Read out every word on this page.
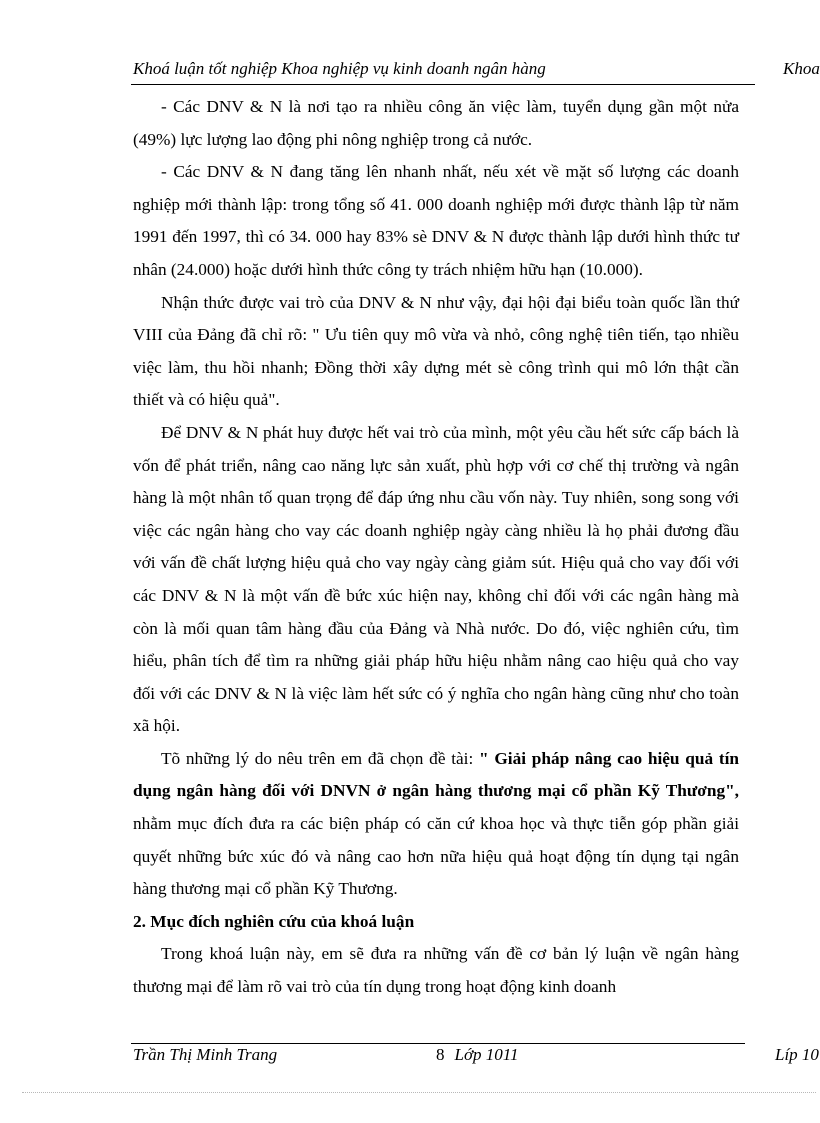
Khoá luận tốt nghiệp Khoa nghiệp vụ kinh doanh ngân hàng	Khoa

- Các DNV & N là nơi tạo ra nhiều công ăn việc làm, tuyển dụng gần một nửa (49%) lực lượng lao động phi nông nghiệp trong cả nước.

- Các DNV & N đang tăng lên nhanh nhất, nếu xét về mặt số lượng các doanh nghiệp mới thành lập: trong tổng số 41. 000 doanh nghiệp mới được thành lập từ năm 1991 đến 1997, thì có 34. 000 hay 83% sè DNV & N được thành lập dưới hình thức tư nhân (24.000) hoặc dưới hình thức công ty trách nhiệm hữu hạn (10.000).

Nhận thức được vai trò của DNV & N như vậy, đại hội đại biểu toàn quốc lần thứ VIII của Đảng đã chỉ rõ: " Ưu tiên quy mô vừa và nhỏ, công nghệ tiên tiến, tạo nhiều việc làm, thu hồi nhanh; Đồng thời xây dựng mét sè công trình qui mô lớn thật cần thiết và có hiệu quả".

Để DNV & N phát huy được hết vai trò của mình, một yêu cầu hết sức cấp bách là vốn để phát triển, nâng cao năng lực sản xuất, phù hợp với cơ chế thị trường và ngân hàng là một nhân tố quan trọng để đáp ứng nhu cầu vốn này. Tuy nhiên, song song với việc các ngân hàng cho vay các doanh nghiệp ngày càng nhiều là họ phải đương đầu với vấn đề chất lượng hiệu quả cho vay ngày càng giảm sút. Hiệu quả cho vay đối với các DNV & N là một vấn đề bức xúc hiện nay, không chỉ đối với các ngân hàng mà còn là mối quan tâm hàng đầu của Đảng và Nhà nước. Do đó, việc nghiên cứu, tìm hiểu, phân tích để tìm ra những giải pháp hữu hiệu nhằm nâng cao hiệu quả cho vay đối với các DNV & N là việc làm hết sức có ý nghĩa cho ngân hàng cũng như cho toàn xã hội.

Tõ những lý do nêu trên em đã chọn đề tài: " Giải pháp nâng cao hiệu quả tín dụng ngân hàng đối với DNVN ở ngân hàng thương mại cổ phần Kỹ Thương", nhằm mục đích đưa ra các biện pháp có căn cứ khoa học và thực tiễn góp phần giải quyết những bức xúc đó và nâng cao hơn nữa hiệu quả hoạt động tín dụng tại ngân hàng thương mại cổ phần Kỹ Thương.

2. Mục đích nghiên cứu của khoá luận

Trong khoá luận này, em sẽ đưa ra những vấn đề cơ bản lý luận về ngân hàng thương mại để làm rõ vai trò của tín dụng trong hoạt động kinh doanh

Trần Thị Minh Trang	8 Lớp 1011	Líp 10
